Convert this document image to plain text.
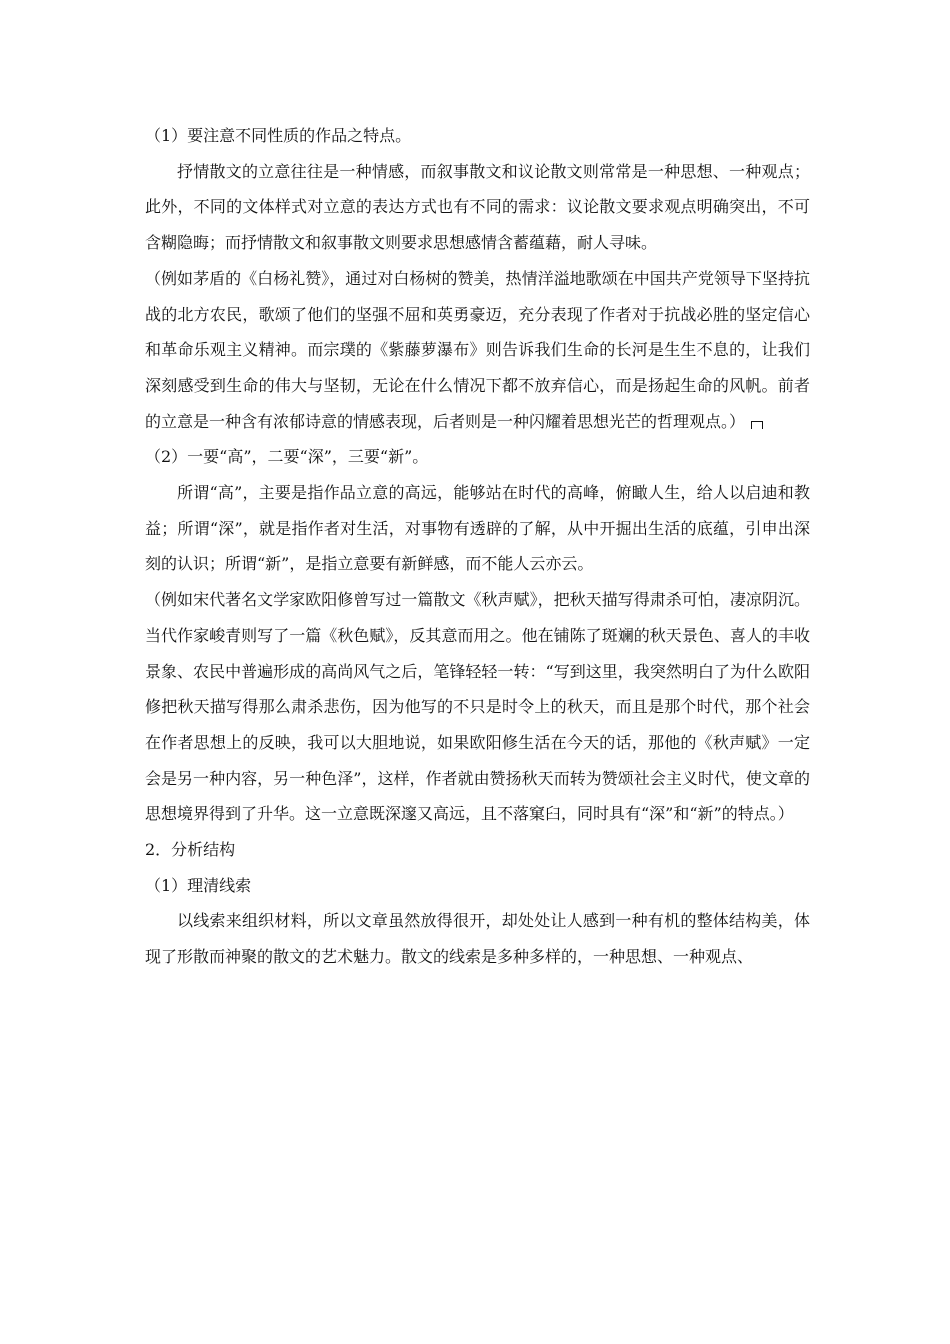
（1）要注意不同性质的作品之特点。

抒情散文的立意往往是一种情感，而叙事散文和议论散文则常常是一种思想、一种观点；此外，不同的文体样式对立意的表达方式也有不同的需求：议论散文要求观点明确突出，不可含糊隐晦；而抒情散文和叙事散文则要求思想感情含蓄蕴藉，耐人寻味。

（例如茅盾的《白杨礼赞》，通过对白杨树的赞美，热情洋溢地歌颂在中国共产党领导下坚持抗战的北方农民，歌颂了他们的坚强不屈和英勇豪迈，充分表现了作者对于抗战必胜的坚定信心和革命乐观主义精神。而宗璞的《紫藤萝瀑布》则告诉我们生命的长河是生生不息的，让我们深刻感受到生命的伟大与坚韧，无论在什么情况下都不放弃信心，而是扬起生命的风帆。前者的立意是一种含有浓郁诗意的情感表现，后者则是一种闪耀着思想光芒的哲理观点。）

（2）一要“高”，二要“深”，三要“新”。

所谓“高”，主要是指作品立意的高远，能够站在时代的高峰，俯瞰人生，给人以启迪和教益；所谓“深”，就是指作者对生活，对事物有透辟的了解，从中开掘出生活的底蕴，引申出深刻的认识；所谓“新”，是指立意要有新鲜感，而不能人云亦云。

（例如宋代著名文学家欧阳修曾写过一篇散文《秋声赋》，把秋天描写得肃杀可怕，凄凉阴沉。当代作家峻青则写了一篇《秋色赋》，反其意而用之。他在铺陈了斑斓的秋天景色、喜人的丰收景象、农民中普遍形成的高尚风气之后，笔锋轻轻一转：“写到这里，我突然明白了为什么欧阳修把秋天描写得那么肃杀悲伤，因为他写的不只是时令上的秋天，而且是那个时代，那个社会在作者思想上的反映，我可以大胆地说，如果欧阳修生活在今天的话，那他的《秋声赋》一定会是另一种内容，另一种色泽”，这样，作者就由赞扬秋天而转为赞颂社会主义时代，使文章的思想境界得到了升华。这一立意既深邃又高远，且不落窠臼，同时具有“深”和“新”的特点。）

2．分析结构

（1）理清线索

以线索来组织材料，所以文章虽然放得很开，却处处让人感到一种有机的整体结构美，体现了形散而神聚的散文的艺术魅力。散文的线索是多种多样的，一种思想、一种观点、
